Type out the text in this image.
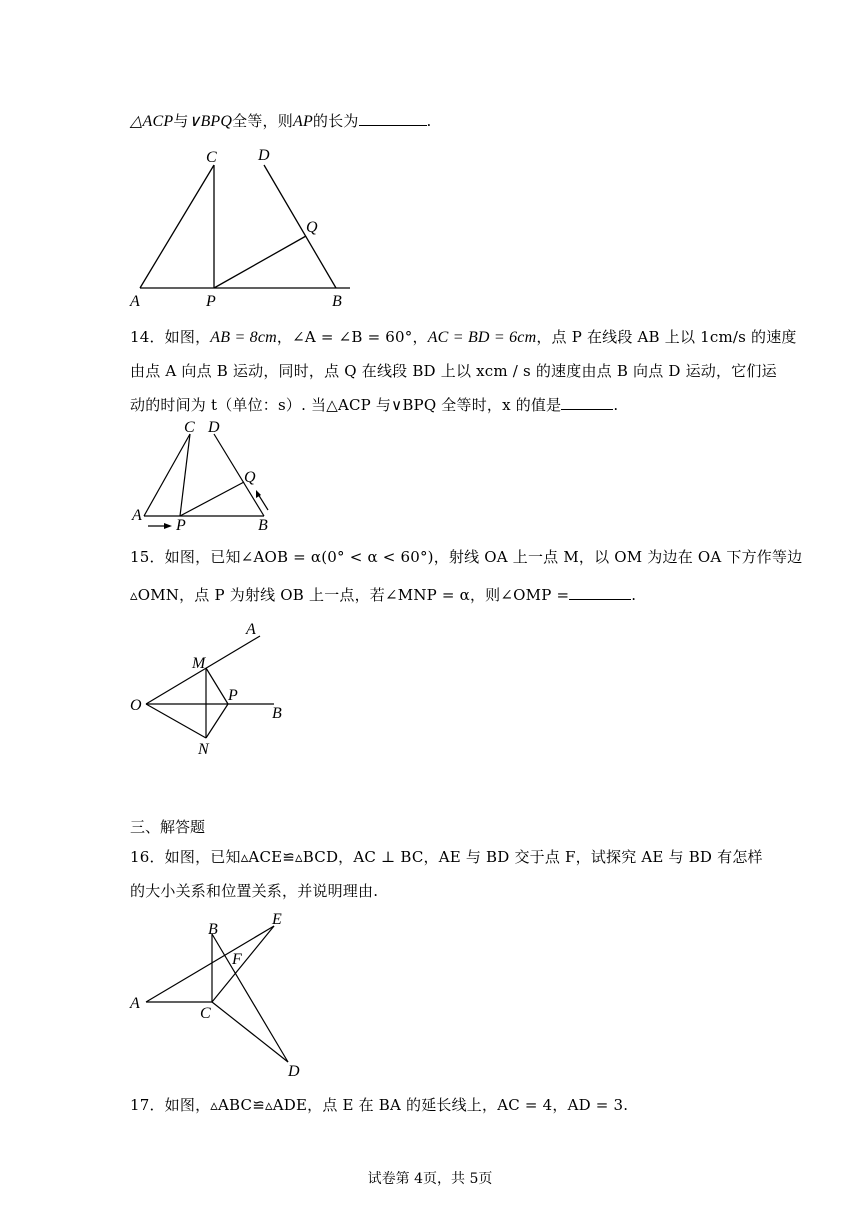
△ACP与∨BPQ全等，则AP的长为	.
C	D
Q
A	P	B
14．如图，AB = 8cm，∠A = ∠B = 60°，AC = BD = 6cm，点 P 在线段 AB 上以 1cm/s 的速度
由点 A 向点 B 运动，同时，点 Q 在线段 BD 上以 xcm / s 的速度由点 B 向点 D 运动，它们运
动的时间为 t（单位：s）. 当△ACP 与∨BPQ 全等时，x 的值是	.
C D
Q
A
P	B
15．如图，已知∠AOB = α(0° < α < 60°)，射线 OA 上一点 M，以 OM 为边在 OA 下方作等边
▵OMN，点 P 为射线 OB 上一点，若∠MNP = α，则∠OMP =	.
A
M
P
O	B
N
三、解答题
16．如图，已知▵ACE≌▵BCD，AC ⊥ BC，AE 与 BD 交于点 F，试探究 AE 与 BD 有怎样
的大小关系和位置关系，并说明理由.
B
E
F
A
C
D
17．如图，▵ABC≌▵ADE，点 E 在 BA 的延长线上，AC = 4，AD = 3.
试卷第 4页，共 5页
